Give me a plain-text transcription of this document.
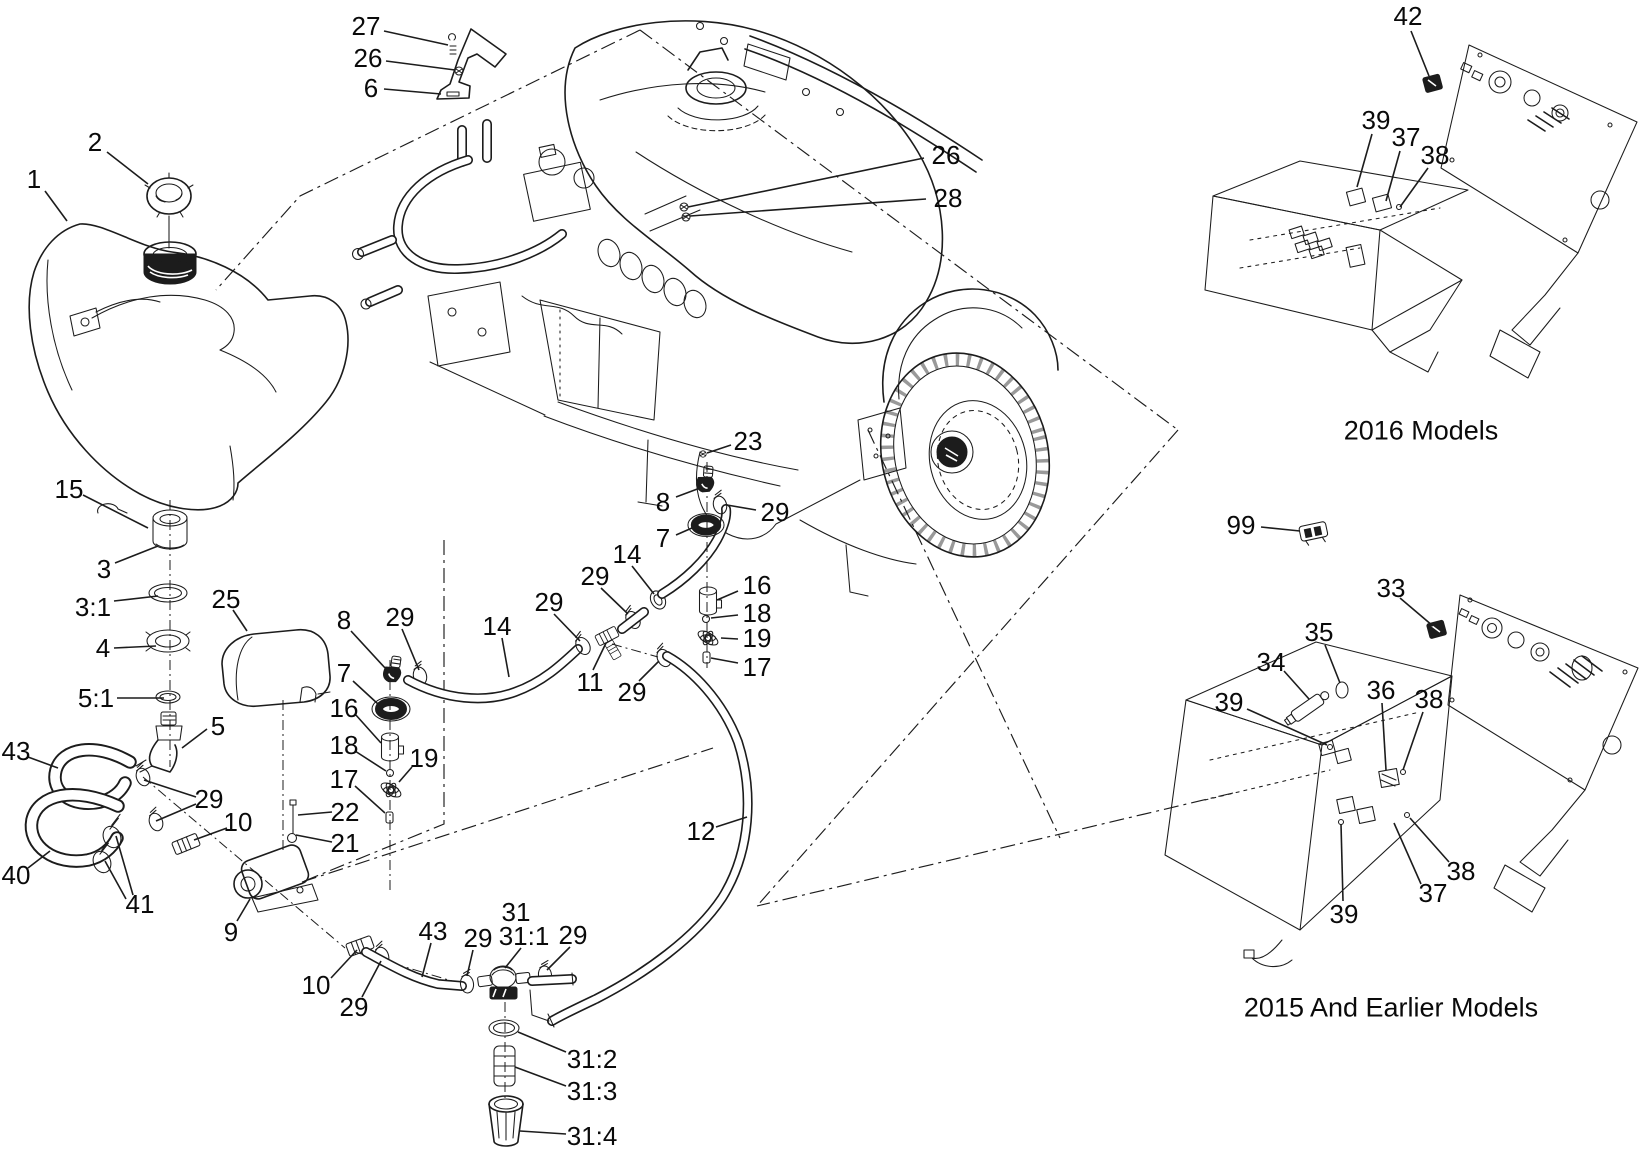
27
26
6
2
1
26
28
23
15
3
3:1
4
25
5:1
5
43
29
10
40
41
9
22
21
8 29
7
16
18 19
17
14
29
29
14
11 29
8	29
7
16
18
19
17
12
31
31:1
29
43	29
10
29
31:2
31:3
31:4
42
39
37
38
99
33
35
34
39	36 38
38
37
39
2016 Models
2015 And Earlier Models
